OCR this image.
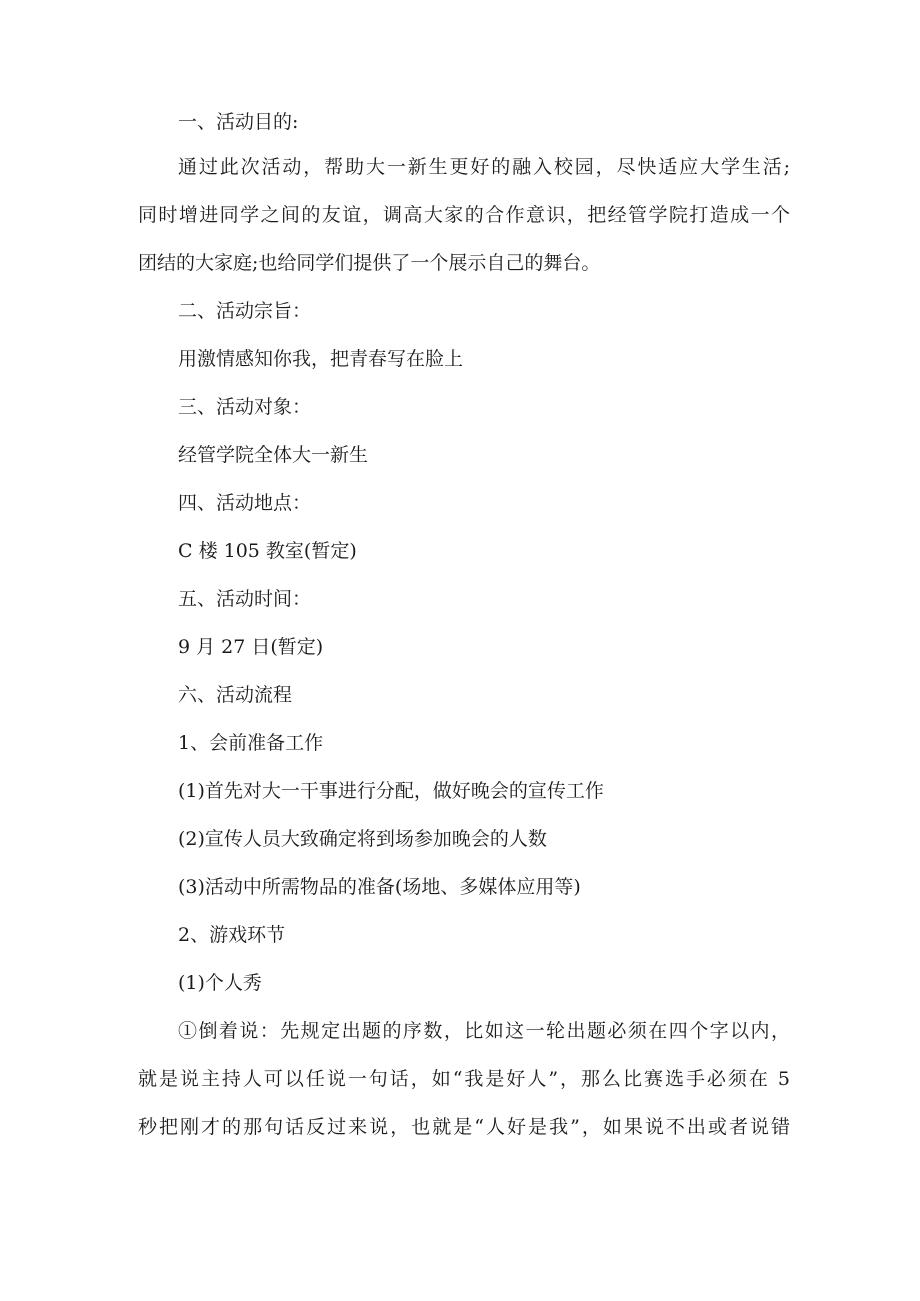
一、活动目的:
通过此次活动，帮助大一新生更好的融入校园，尽快适应大学生活;
同时增进同学之间的友谊，调高大家的合作意识，把经管学院打造成一个
团结的大家庭;也给同学们提供了一个展示自己的舞台。
二、活动宗旨：
用激情感知你我，把青春写在脸上
三、活动对象：
经管学院全体大一新生
四、活动地点：
C 楼 105 教室(暂定)
五、活动时间：
9 月 27 日(暂定)
六、活动流程
1、会前准备工作
(1)首先对大一干事进行分配，做好晚会的宣传工作
(2)宣传人员大致确定将到场参加晚会的人数
(3)活动中所需物品的准备(场地、多媒体应用等)
2、游戏环节
(1)个人秀
①倒着说：先规定出题的序数，比如这一轮出题必须在四个字以内，
就是说主持人可以任说一句话，如“我是好人”，那么比赛选手必须在 5
秒把刚才的那句话反过来说，也就是“人好是我”，如果说不出或者说错
